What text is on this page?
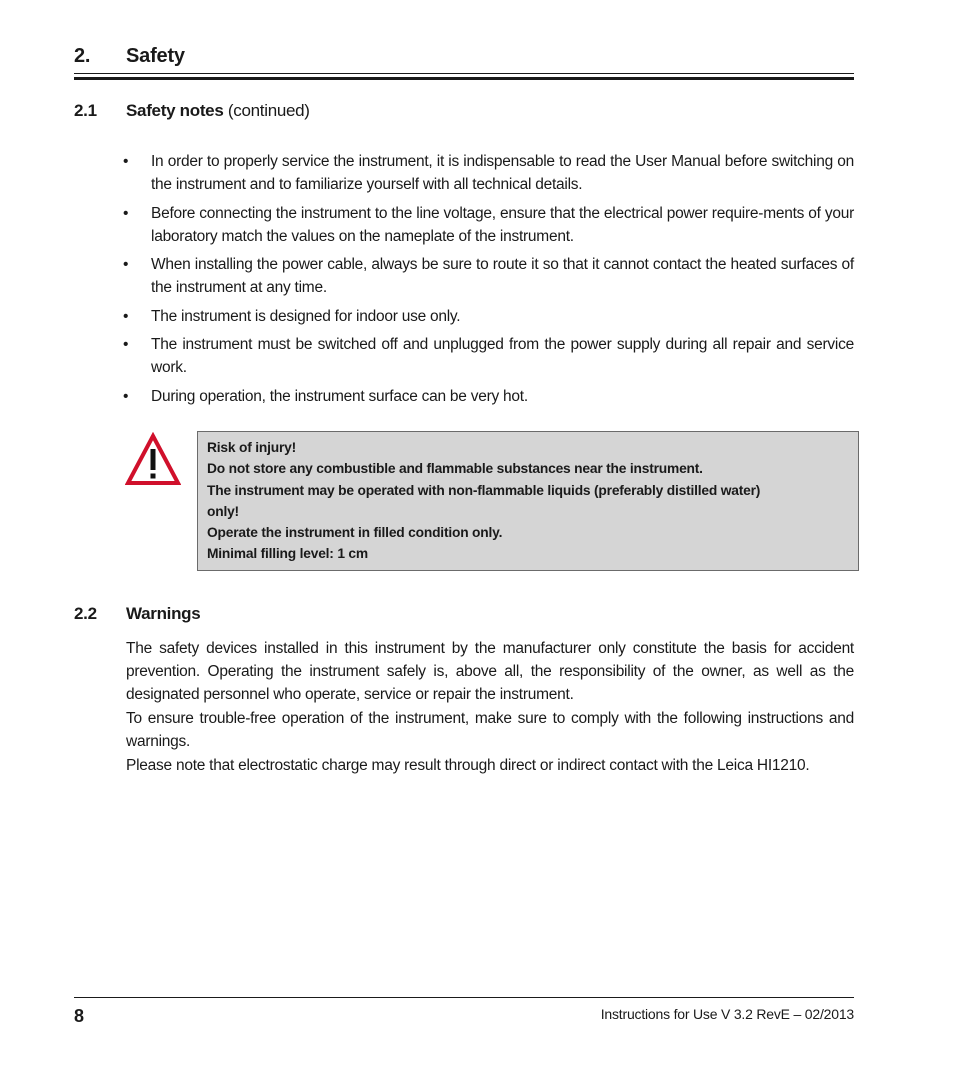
2. Safety
2.1 Safety notes (continued)
• In order to properly service the instrument, it is indispensable to read the User Manual before switching on the instrument and to familiarize yourself with all technical details.
• Before connecting the instrument to the line voltage, ensure that the electrical power require-ments of your laboratory match the values on the nameplate of the instrument.
• When installing the power cable, always be sure to route it so that it cannot contact the heated surfaces of the instrument at any time.
• The instrument is designed for indoor use only.
• The instrument must be switched off and unplugged from the power supply during all repair and service work.
• During operation, the instrument surface can be very hot.
Risk of injury!
Do not store any combustible and flammable substances near the instrument.
The instrument may be operated with non-flammable liquids (preferably distilled water)
only!
Operate the instrument in filled condition only.
Minimal filling level: 1 cm
2.2 Warnings
The safety devices installed in this instrument by the manufacturer only constitute the basis for accident prevention. Operating the instrument safely is, above all, the responsibility of the owner, as well as the designated personnel who operate, service or repair the instrument.
To ensure trouble-free operation of the instrument, make sure to comply with the following instructions and warnings.
Please note that electrostatic charge may result through direct or indirect contact with the Leica HI1210.
8	Instructions for Use V 3.2 RevE – 02/2013
